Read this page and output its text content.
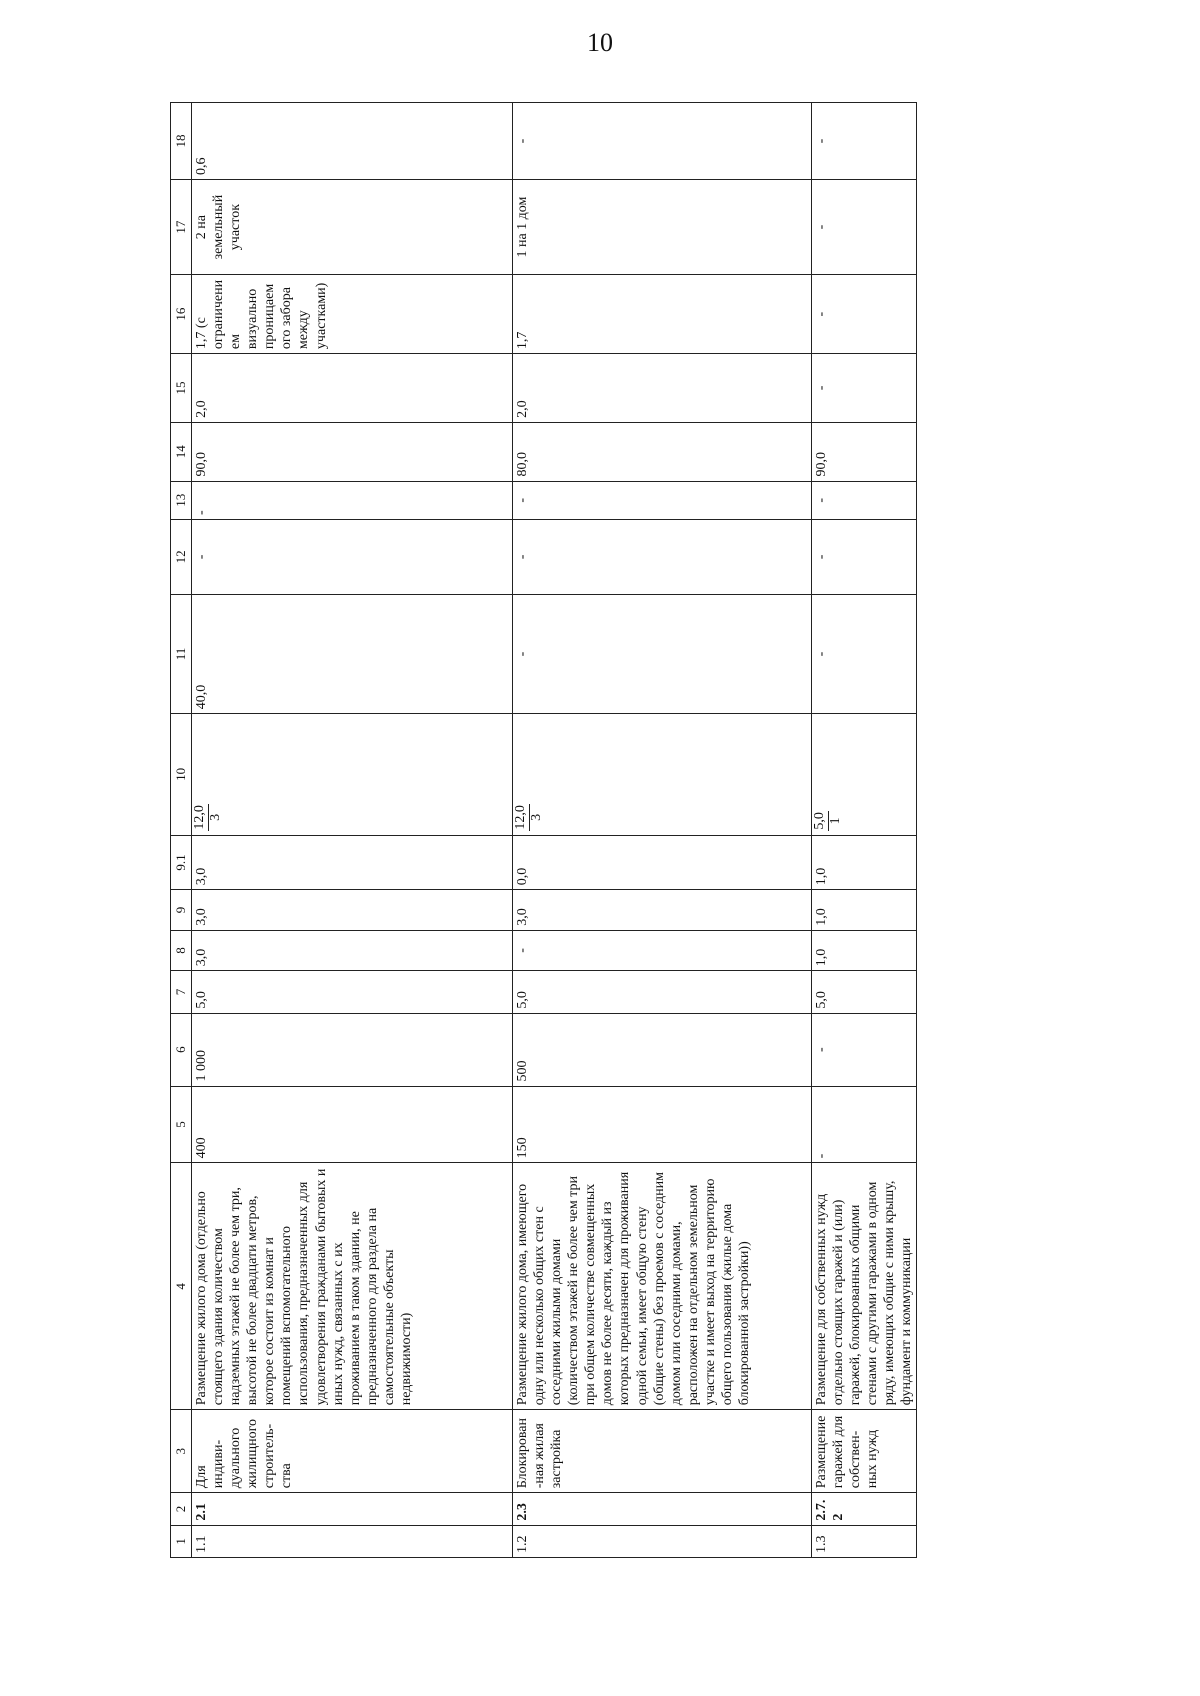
10
1	2	3	4	5	6	7	8	9	9.1	10	11	12	13	14	15	16	17	18
1.1	2.1	Для индиви-дуального жилищного строитель-ства	Размещение жилого дома (отдельно стоящего здания количеством надземных этажей не более чем три, высотой не более двадцати метров, которое состоит из комнат и помещений вспомогательного использования, предназначенных для удовлетворения гражданами бытовых и иных нужд, связанных с их проживанием в таком здании, не предназначенного для раздела на самостоятельные объекты недвижимости)	400	1 000	5,0	3,0	3,0	3,0	12,0 3	40,0	-	-	90,0	2,0	1,7 (с ограничением визуально проницаемого забора между участками)	2 на земельный участок	0,6
1.2	2.3	Блокирован-ная жилая застройка	Размещение жилого дома, имеющего одну или несколько общих стен с соседними жилыми домами (количеством этажей не более чем три при общем количестве совмещенных домов не более десяти, каждый из которых предназначен для проживания одной семьи, имеет общую стену (общие стены) без проемов с соседним домом или соседними домами, расположен на отдельном земельном участке и имеет выход на территорию общего пользования (жилые дома блокированной застройки))	150	500	5,0	-	3,0	0,0	12,0 3	-	-	-	80,0	2,0	1,7	1 на 1 дом	-
1.3	2.7.2	Размещение гаражей для собствен-ных нужд	Размещение для собственных нужд отдельно стоящих гаражей и (или) гаражей, блокированных общими стенами с другими гаражами в одном ряду, имеющих общие с ними крышу, фундамент и коммуникации	-	-	5,0	1,0	1,0	1,0	5,0 1	-	-	-	90,0	-	-	-	-
